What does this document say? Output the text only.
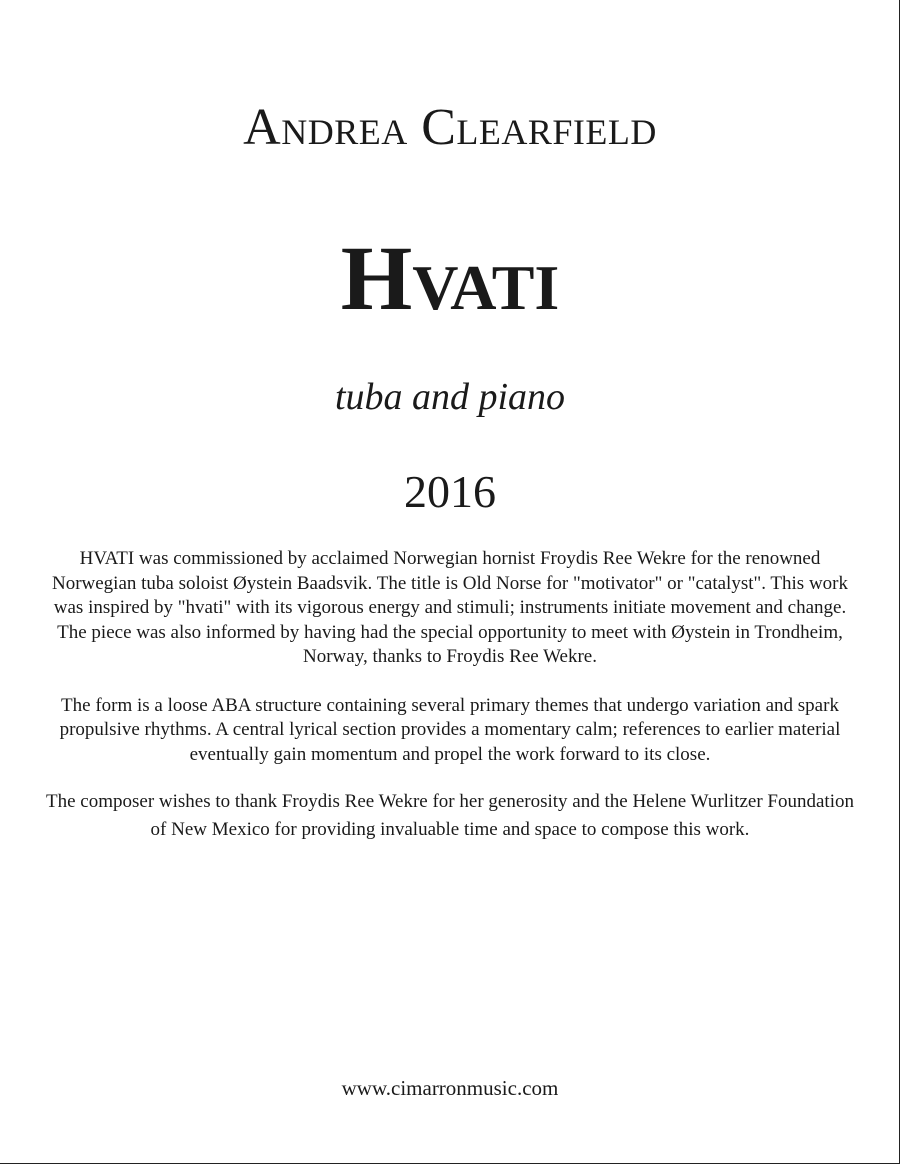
Andrea Clearfield
Hvati
tuba and piano
2016

HVATI was commissioned by acclaimed Norwegian hornist Froydis Ree Wekre for the renowned Norwegian tuba soloist Øystein Baadsvik. The title is Old Norse for "motivator" or "catalyst". This work was inspired by "hvati" with its vigorous energy and stimuli; instruments initiate movement and change. The piece was also informed by having had the special opportunity to meet with Øystein in Trondheim, Norway, thanks to Froydis Ree Wekre.

The form is a loose ABA structure containing several primary themes that undergo variation and spark propulsive rhythms. A central lyrical section provides a momentary calm; references to earlier material eventually gain momentum and propel the work forward to its close.

The composer wishes to thank Froydis Ree Wekre for her generosity and the Helene Wurlitzer Foundation of New Mexico for providing invaluable time and space to compose this work.

www.cimarronmusic.com
